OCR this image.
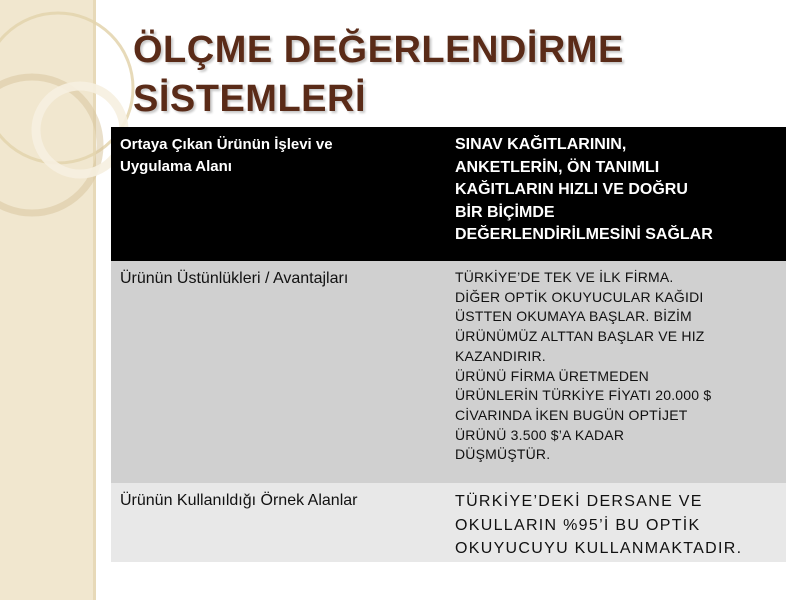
ÖLÇME DEĞERLENDİRME
SİSTEMLERİ
Ortaya Çıkan Ürünün İşlevi ve
Uygulama Alanı
SINAV KAĞITLARININ,
ANKETLERİN, ÖN TANIMLI
KAĞITLARIN HIZLI VE DOĞRU
BİR BİÇİMDE
DEĞERLENDİRİLMESİNİ SAĞLAR
Ürünün Üstünlükleri / Avantajları	TÜRKİYE’DE TEK VE İLK FİRMA.
DİĞER OPTİK OKUYUCULAR KAĞIDI
ÜSTTEN OKUMAYA BAŞLAR. BİZİM
ÜRÜNÜMÜZ ALTTAN BAŞLAR VE HIZ
KAZANDIRIR.
ÜRÜNÜ FİRMA ÜRETMEDEN
ÜRÜNLERİN TÜRKİYE FİYATI 20.000 $
CİVARINDA İKEN BUGÜN OPTİJET
ÜRÜNÜ 3.500 $’A KADAR
DÜŞMÜŞTÜR.
Ürünün Kullanıldığı Örnek Alanlar	TÜRKİYE’DEKİ DERSANE VE
OKULLARIN %95’İ BU OPTİK
OKUYUCUYU KULLANMAKTADIR.
